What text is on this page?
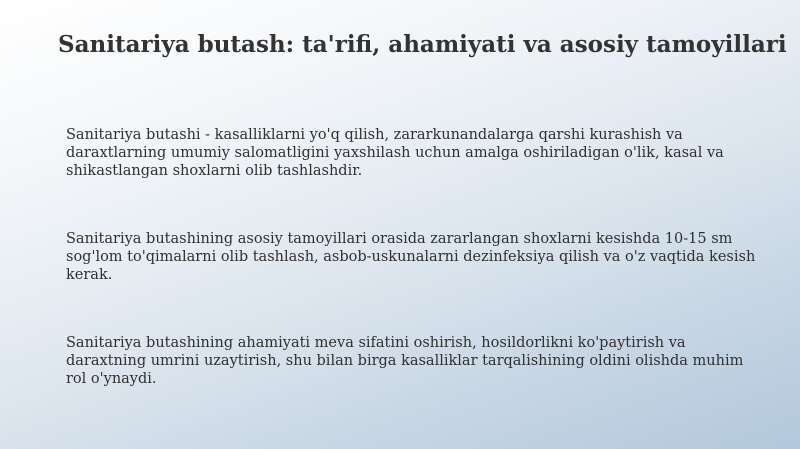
Sanitariya butash: ta'rifi, ahamiyati va asosiy tamoyillari

Sanitariya butashi - kasalliklarni yo'q qilish, zararkunandalarga qarshi kurashish va daraxtlarning umumiy salomatligini yaxshilash uchun amalga oshiriladigan o'lik, kasal va shikastlangan shoxlarni olib tashlashdir.

Sanitariya butashining asosiy tamoyillari orasida zararlangan shoxlarni kesishda 10-15 sm sog'lom to'qimalarni olib tashlash, asbob-uskunalarni dezinfeksiya qilish va o'z vaqtida kesish kerak.

Sanitariya butashining ahamiyati meva sifatini oshirish, hosildorlikni ko'paytirish va daraxtning umrini uzaytirish, shu bilan birga kasalliklar tarqalishining oldini olishda muhim rol o'ynaydi.
